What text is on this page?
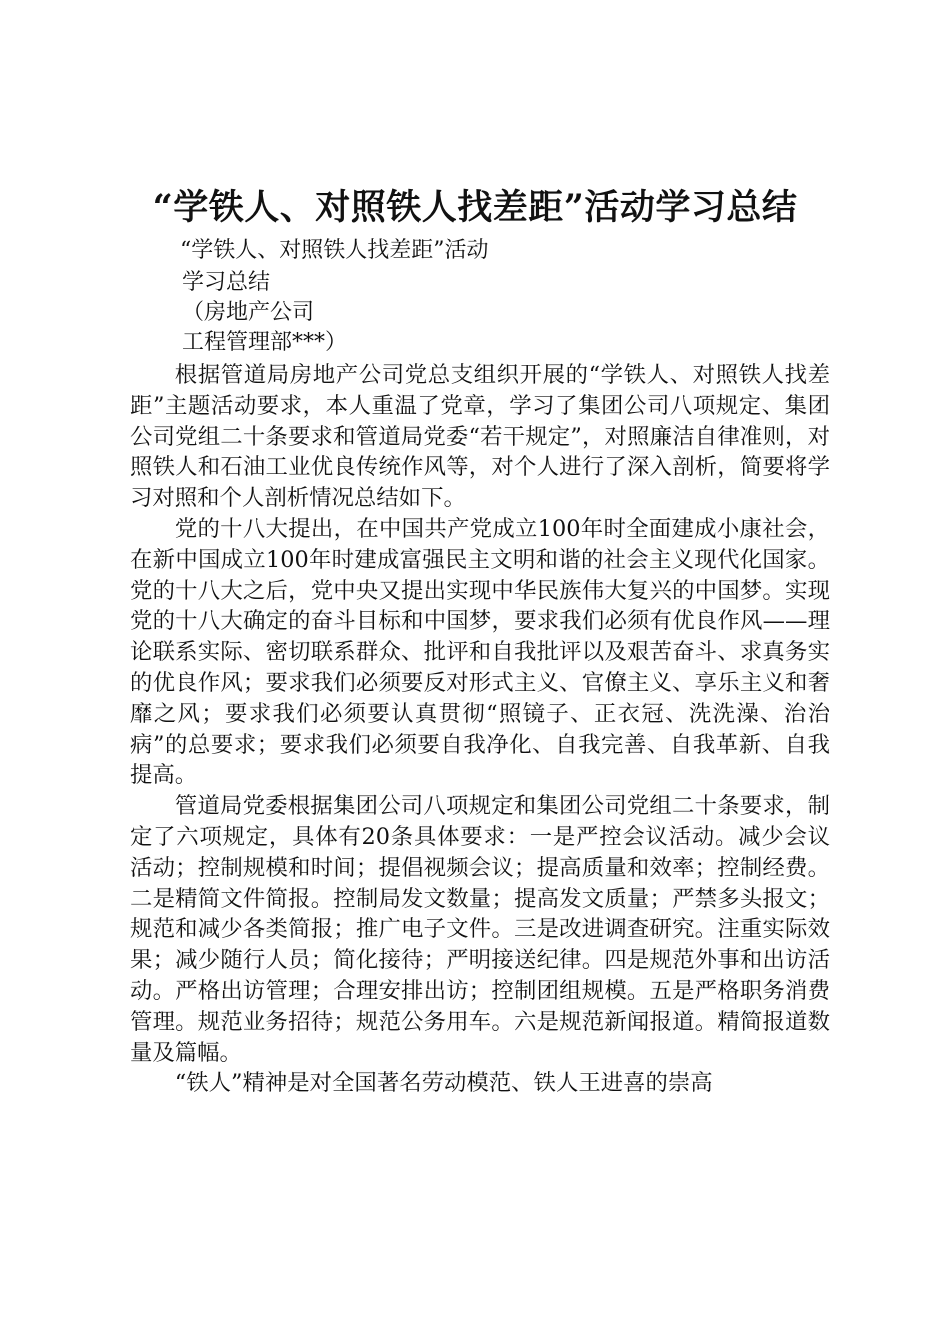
“学铁人、对照铁人找差距”活动学习总结
“学铁人、对照铁人找差距”活动
学习总结
（房地产公司
工程管理部***）

根据管道局房地产公司党总支组织开展的“学铁人、对照铁人找差距”主题活动要求，本人重温了党章，学习了集团公司八项规定、集团公司党组二十条要求和管道局党委“若干规定”，对照廉洁自律准则，对照铁人和石油工业优良传统作风等，对个人进行了深入剖析，简要将学习对照和个人剖析情况总结如下。

党的十八大提出，在中国共产党成立100年时全面建成小康社会，在新中国成立100年时建成富强民主文明和谐的社会主义现代化国家。党的十八大之后，党中央又提出实现中华民族伟大复兴的中国梦。实现党的十八大确定的奋斗目标和中国梦，要求我们必须有优良作风——理论联系实际、密切联系群众、批评和自我批评以及艰苦奋斗、求真务实的优良作风；要求我们必须要反对形式主义、官僚主义、享乐主义和奢靡之风；要求我们必须要认真贯彻“照镜子、正衣冠、洗洗澡、治治病”的总要求；要求我们必须要自我净化、自我完善、自我革新、自我提高。

管道局党委根据集团公司八项规定和集团公司党组二十条要求，制定了六项规定，具体有20条具体要求：一是严控会议活动。减少会议活动；控制规模和时间；提倡视频会议；提高质量和效率；控制经费。二是精简文件简报。控制局发文数量；提高发文质量；严禁多头报文；规范和减少各类简报；推广电子文件。三是改进调查研究。注重实际效果；减少随行人员；简化接待；严明接送纪律。四是规范外事和出访活动。严格出访管理；合理安排出访；控制团组规模。五是严格职务消费管理。规范业务招待；规范公务用车。六是规范新闻报道。精简报道数量及篇幅。

“铁人”精神是对全国著名劳动模范、铁人王进喜的崇高
